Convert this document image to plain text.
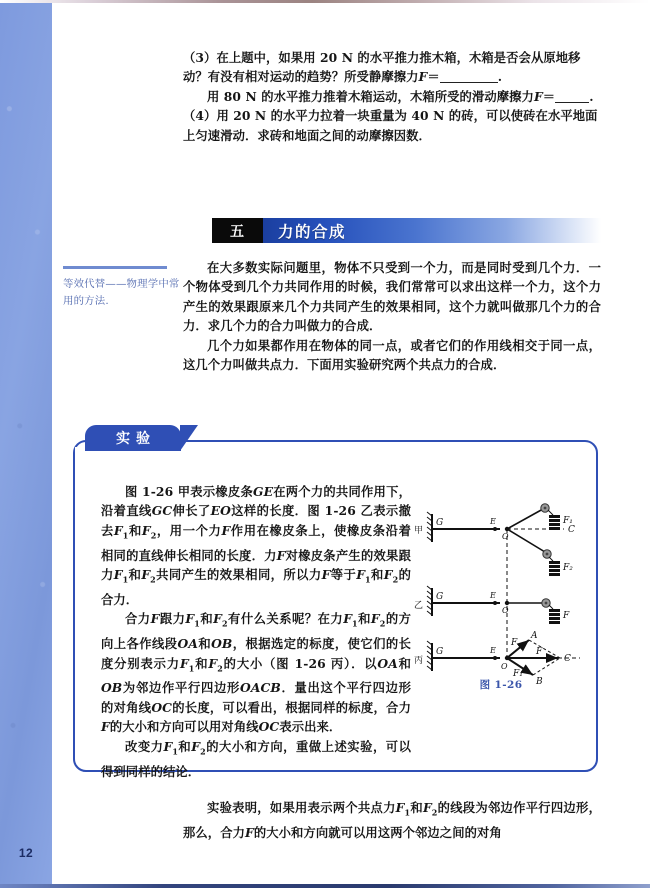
12

（3）在上题中，如果用 20 N 的水平推力推木箱，木箱是否会从原地移
动？有没有相对运动的趋势？所受静摩擦力F＝	.

用 80 N 的水平推力推着木箱运动，木箱所受的滑动摩擦力F＝	.

（4）用 20 N 的水平力拉着一块重量为 40 N 的砖，可以使砖在水平地面
上匀速滑动．求砖和地面之间的动摩擦因数．

五 力的合成
等效代替——物理学中常用的方法.

在大多数实际问题里，物体不只受到一个力，而是同时受到几个力．一个物体受到几个力共同作用的时候，我们常常可以求出这样一个力，这个力产生的效果跟原来几个力共同产生的效果相同，这个力就叫做那几个力的合力．求几个力的合力叫做力的合成．

几个力如果都作用在物体的同一点，或者它们的作用线相交于同一点，这几个力叫做共点力．下面用实验研究两个共点力的合成．

实验

图 1-26 甲表示橡皮条GE在两个力的共同作用下，沿着直线GC伸长了EO这样的长度．图 1-26 乙表示撤去$F_1$和$F_2$，用一个力F作用在橡皮条上，使橡皮条沿着相同的直线伸长相同的长度．力F对橡皮条产生的效果跟力$F_1$和$F_2$共同产生的效果相同，所以力F等于$F_1$和$F_2$的合力．

合力F跟力$F_1$和$F_2$有什么关系呢？在力$F_1$和$F_2$的方向上各作线段OA和OB，根据选定的标度，使它们的长度分别表示力$F_1$和$F_2$的大小（图 1-26 丙）．以OA和OB为邻边作平行四边形OACB．量出这个平行四边形的对角线OC的长度，可以看出，根据同样的标度，合力F的大小和方向可以用对角线OC表示出来．

改变力$F_1$和$F_2$的大小和方向，重做上述实验，可以得到同样的结论．

甲
G	E
O
F₁
F₂
C
乙
G	E
O
F
丙
G	E
O
A
F
B
F₁
F
C
图 1-26

实验表明，如果用表示两个共点力$F_1$和$F_2$的线段为邻边作平行四边形，那么，合力F的大小和方向就可以用这两个邻边之间的对角
